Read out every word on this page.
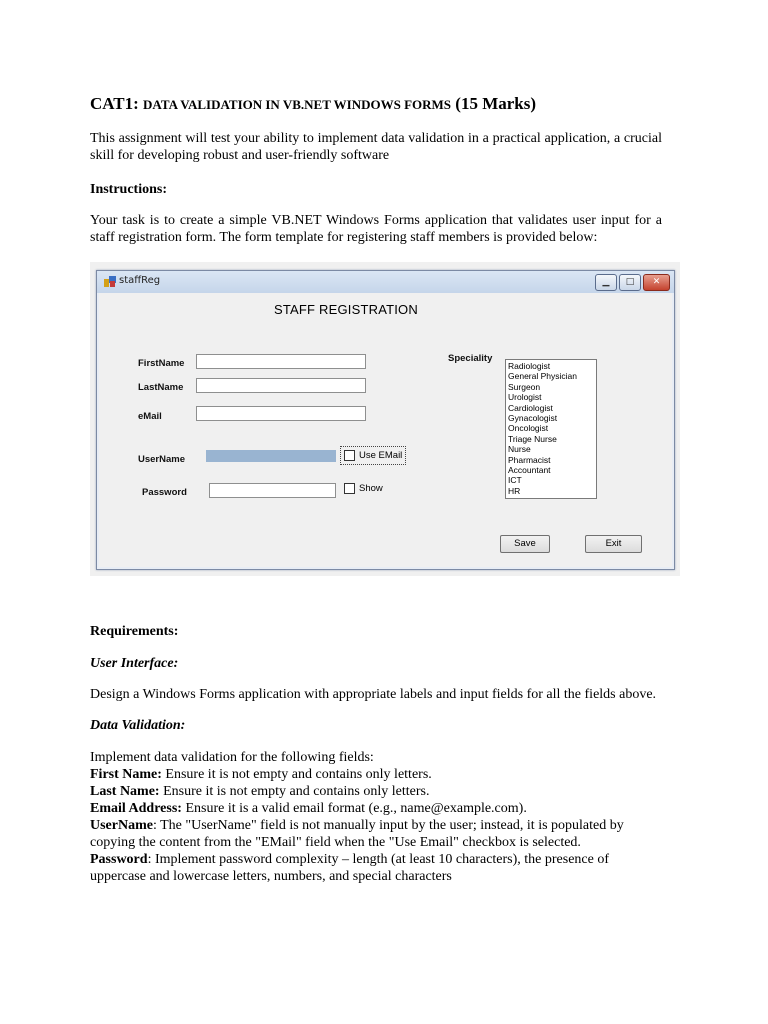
CAT1: DATA VALIDATION IN VB.NET WINDOWS FORMS (15 Marks)

This assignment will test your ability to implement data validation in a practical application, a crucial skill for developing robust and user-friendly software

Instructions:

Your task is to create a simple VB.NET Windows Forms application that validates user input for a staff registration form. The form template for registering staff members is provided below:

staffReg	▁	□	✕
STAFF REGISTRATION
FirstName
LastName
eMail
UserName	Use EMail
Password	Show
Speciality
Radiologist
General Physician
Surgeon
Urologist
Cardiologist
Gynacologist
Oncologist
Triage Nurse
Nurse
Pharmacist
Accountant
ICT
HR
Save	Exit

Requirements:

User Interface:

Design a Windows Forms application with appropriate labels and input fields for all the fields above.

Data Validation:

Implement data validation for the following fields:
First Name: Ensure it is not empty and contains only letters.
Last Name: Ensure it is not empty and contains only letters.
Email Address: Ensure it is a valid email format (e.g., name@example.com).
UserName: The "UserName" field is not manually input by the user; instead, it is populated by copying the content from the "EMail" field when the "Use Email" checkbox is selected.
Password: Implement password complexity – length (at least 10 characters), the presence of uppercase and lowercase letters, numbers, and special characters
